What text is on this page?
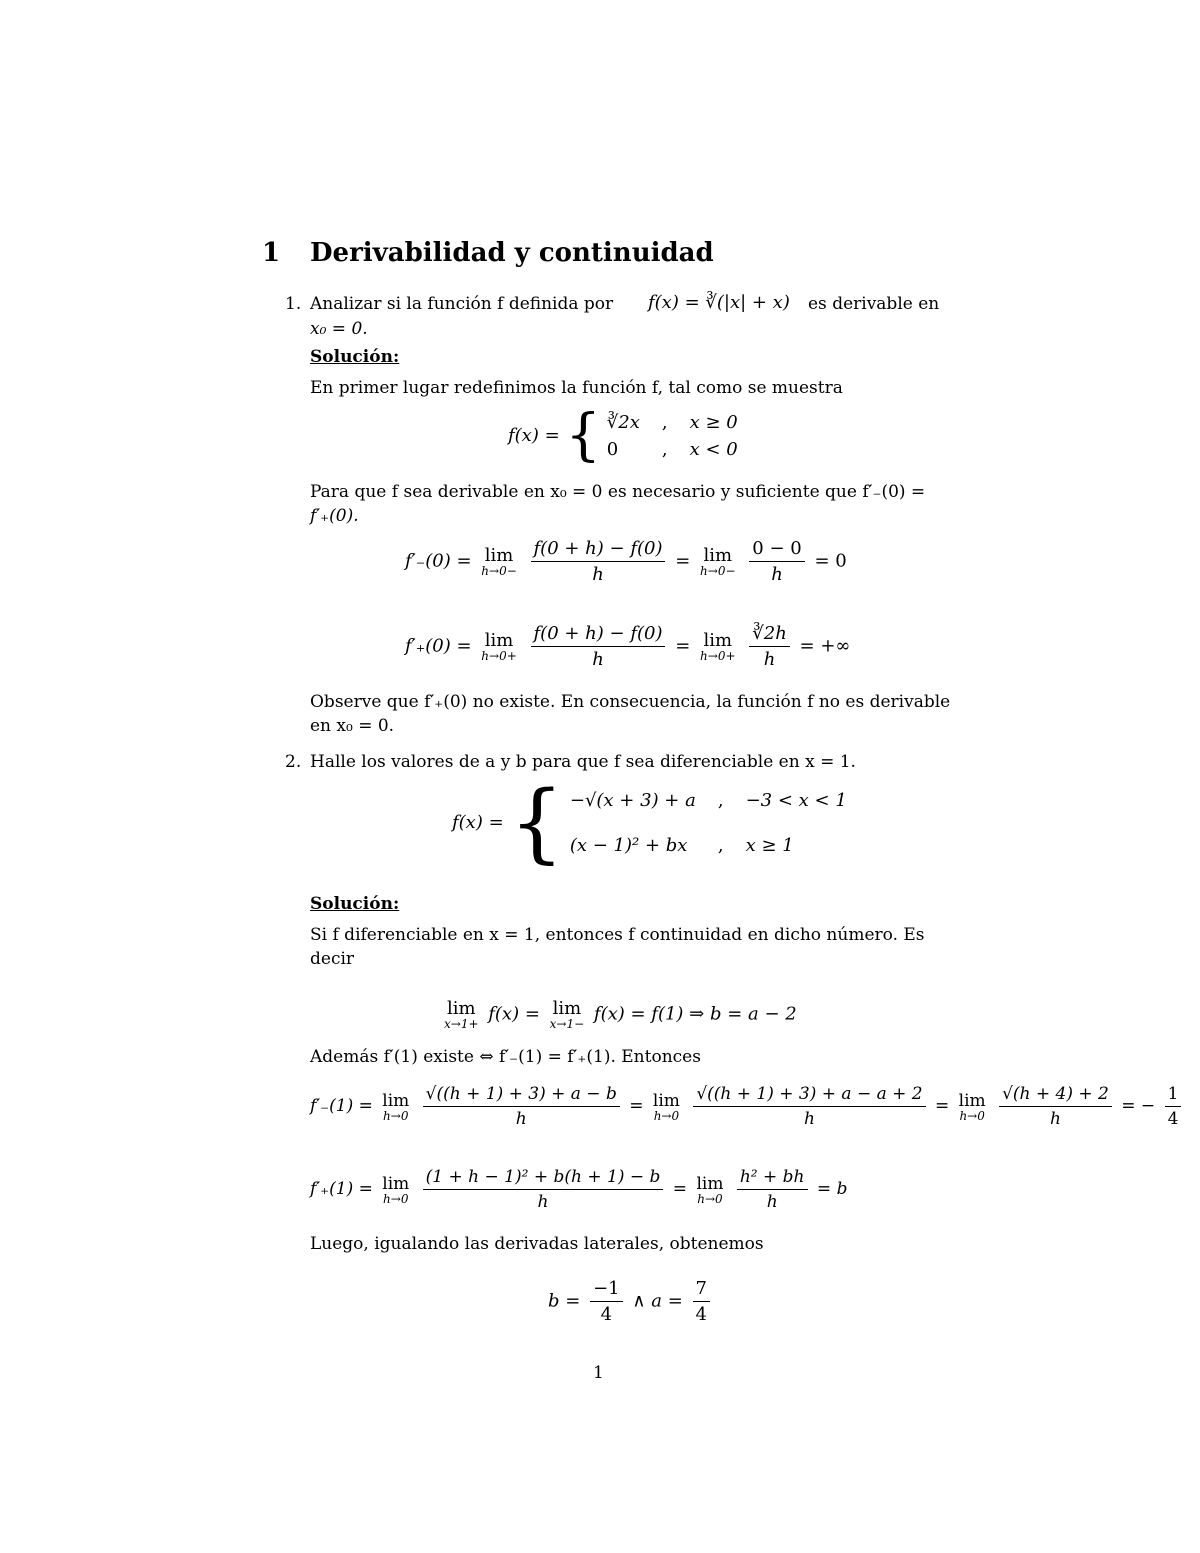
1 Derivabilidad y continuidad
1. Analizar si la función f definida por f(x) = ∛(|x| + x) es derivable en
x₀ = 0.
Solución:
En primer lugar redefinimos la función f, tal como se muestra
f(x) = { ∛2x , x ≥ 0
0	, x < 0
Para que f sea derivable en x₀ = 0 es necesario y suficiente que f′₋(0) =
f′₊(0).
f′₋(0) = lim
h→0−
$\frac{f(0 + h) - f(0)}{h} = \lim$
h→0−
$\frac{0 - 0}{h} = 0$
f′₊(0) = lim
h→0+
$\frac{f(0 + h) - f(0)}{h} = \lim$
h→0+
$\frac{∛2h}{h}$ = +∞
Observe que f′₊(0) no existe. En consecuencia, la función f no es derivable
en x₀ = 0.
2. Halle los valores de a y b para que f sea diferenciable en x = 1.
f(x) = { −√(x + 3) + a , −3 < x < 1
(x − 1)² + bx	, x ≥ 1
Solución:
Si f diferenciable en x = 1, entonces f continuidad en dicho número. Es
decir
lim
x→1+ f(x) = lim
x→1− f(x) = f(1) ⇒ b = a − 2
Además f′(1) existe ⇔ f′₋(1) = f′₊(1). Entonces
f′₋(1) = lim
h→0
$\frac{√((h + 1) + 3) + a - b}{h} = \lim$
h→0
$\frac{√((h + 1) + 3) + a - a + 2}{h} = \lim$
h→0
$\frac{√(h + 4) + 2}{h}$ = − $\frac{1}{4}$
f′₊(1) = lim
h→0
$\frac{\text{(1 + h − 1)² + b(h + 1) − b}}{h} = \lim$
h→0
$\frac{\text{h² + bh}}{h} = b$
Luego, igualando las derivadas laterales, obtenemos
$b = \frac{-1}{4}$ ∧ $a = \frac{7}{4}$
1
